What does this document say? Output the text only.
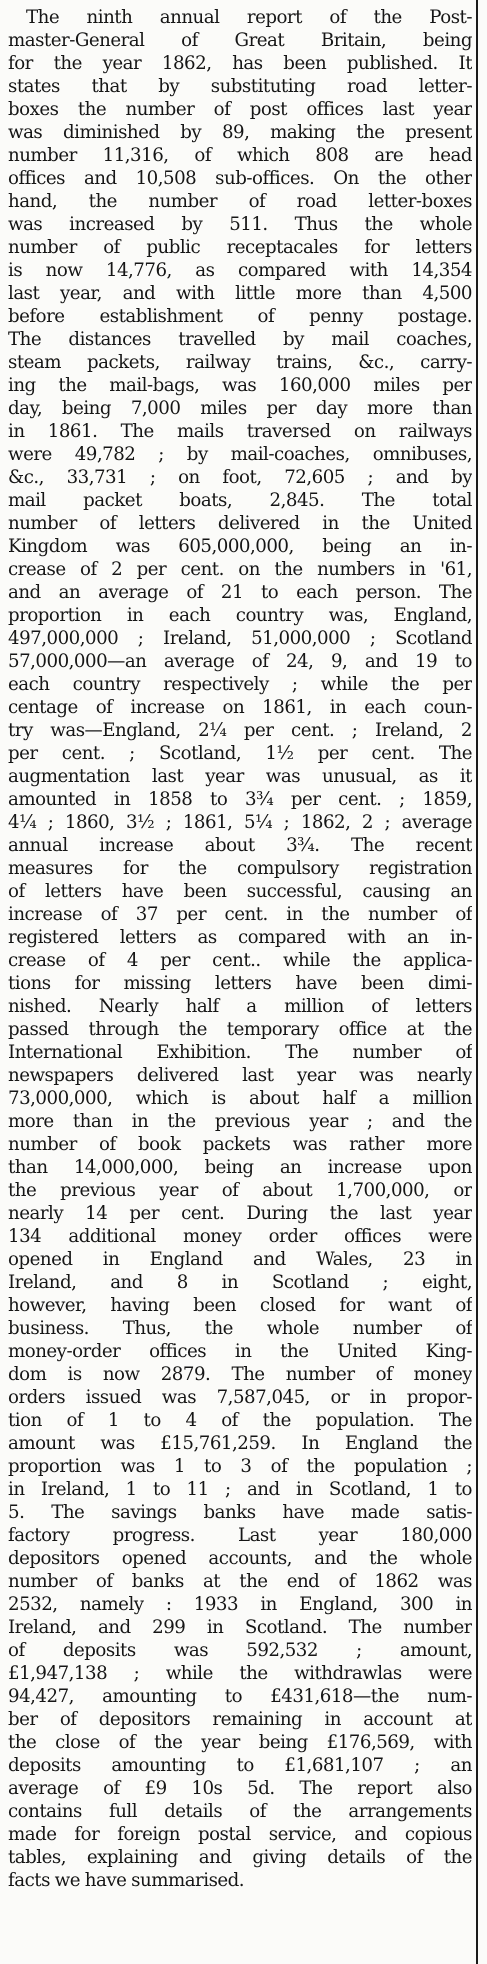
The ninth annual report of the Post-
master-General of Great Britain, being
for the year 1862, has been published. It
states that by substituting road letter-
boxes the number of post offices last year
was diminished by 89, making the present
number 11,316, of which 808 are head
offices and 10,508 sub-offices. On the other
hand, the number of road letter-boxes
was increased by 511. Thus the whole
number of public receptacales for letters
is now 14,776, as compared with 14,354
last year, and with little more than 4,500
before establishment of penny postage.
The distances travelled by mail coaches,
steam packets, railway trains, &c., carry-
ing the mail-bags, was 160,000 miles per
day, being 7,000 miles per day more than
in 1861. The mails traversed on railways
were 49,782 ; by mail-coaches, omnibuses,
&c., 33,731 ; on foot, 72,605 ; and by
mail packet boats, 2,845. The total
number of letters delivered in the United
Kingdom was 605,000,000, being an in-
crease of 2 per cent. on the numbers in '61,
and an average of 21 to each person. The
proportion in each country was, England,
497,000,000 ; Ireland, 51,000,000 ; Scotland
57,000,000—an average of 24, 9, and 19 to
each country respectively ; while the per
centage of increase on 1861, in each coun-
try was—England, 2¼ per cent. ; Ireland, 2
per cent. ; Scotland, 1½ per cent. The
augmentation last year was unusual, as it
amounted in 1858 to 3¾ per cent. ; 1859,
4¼ ; 1860, 3½ ; 1861, 5¼ ; 1862, 2 ; average
annual increase about 3¾. The recent
measures for the compulsory registration
of letters have been successful, causing an
increase of 37 per cent. in the number of
registered letters as compared with an in-
crease of 4 per cent.. while the applica-
tions for missing letters have been dimi-
nished. Nearly half a million of letters
passed through the temporary office at the
International Exhibition. The number of
newspapers delivered last year was nearly
73,000,000, which is about half a million
more than in the previous year ; and the
number of book packets was rather more
than 14,000,000, being an increase upon
the previous year of about 1,700,000, or
nearly 14 per cent. During the last year
134 additional money order offices were
opened in England and Wales, 23 in
Ireland, and 8 in Scotland ; eight,
however, having been closed for want of
business. Thus, the whole number of
money-order offices in the United King-
dom is now 2879. The number of money
orders issued was 7,587,045, or in propor-
tion of 1 to 4 of the population. The
amount was £15,761,259. In England the
proportion was 1 to 3 of the population ;
in Ireland, 1 to 11 ; and in Scotland, 1 to
5. The savings banks have made satis-
factory progress. Last year 180,000
depositors opened accounts, and the whole
number of banks at the end of 1862 was
2532, namely : 1933 in England, 300 in
Ireland, and 299 in Scotland. The number
of deposits was 592,532 ; amount,
£1,947,138 ; while the withdrawlas were
94,427, amounting to £431,618—the num-
ber of depositors remaining in account at
the close of the year being £176,569, with
deposits amounting to £1,681,107 ; an
average of £9 10s 5d. The report also
contains full details of the arrangements
made for foreign postal service, and copious
tables, explaining and giving details of the
facts we have summarised.
